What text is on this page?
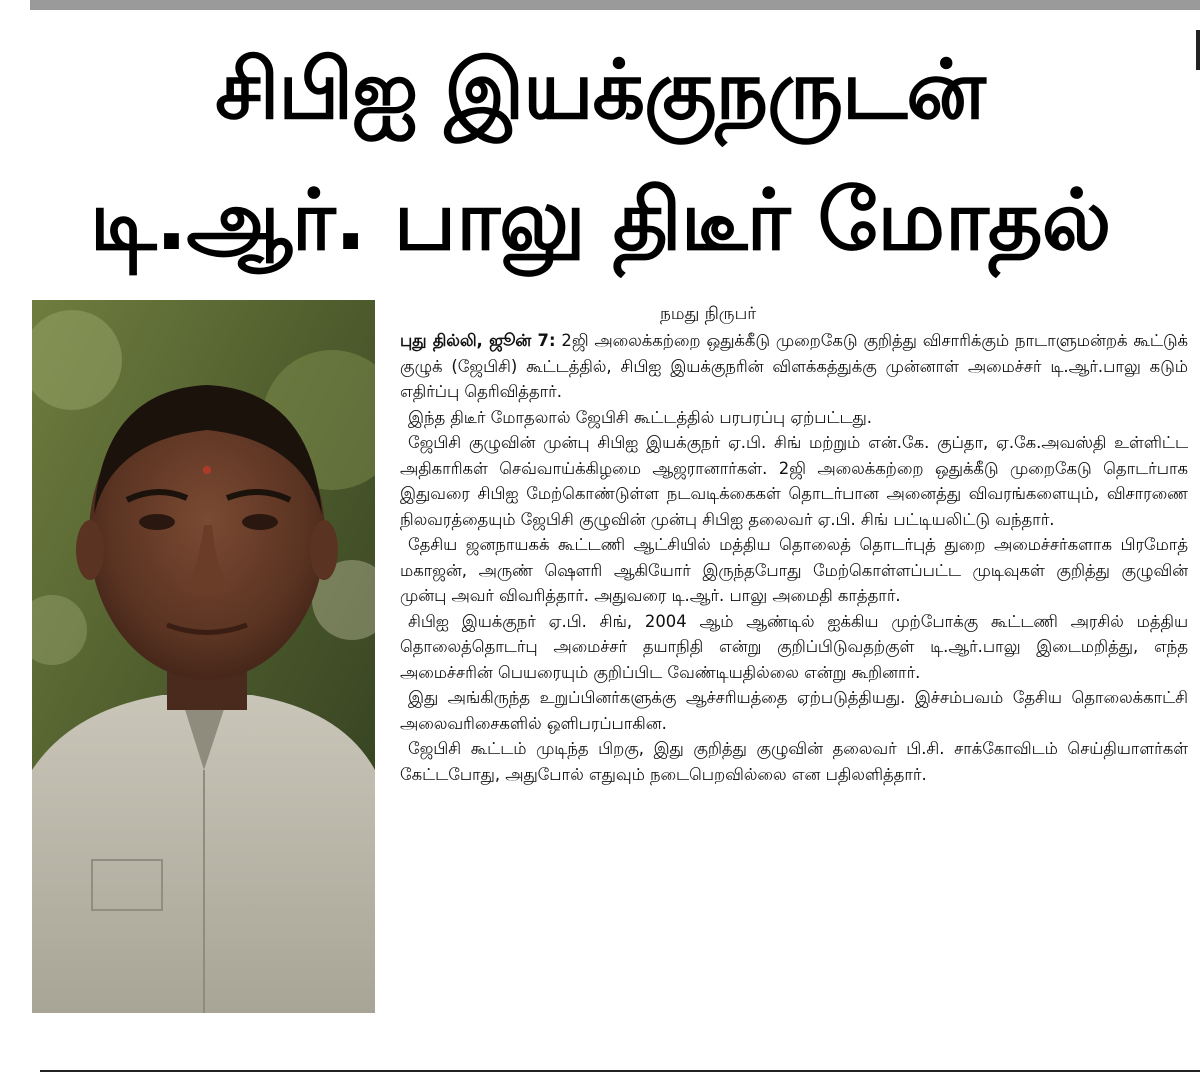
சிபிஐ இயக்குநருடன்
டி.ஆர். பாலு திடீர் மோதல்
நமது நிருபர்

புது தில்லி, ஜூன் 7: 2ஜி அலைக்கற்றை ஒதுக்கீடு முறைகேடு குறித்து விசாரிக்கும் நாடாளுமன்றக் கூட்டுக் குழுக் (ஜேபிசி) கூட்டத்தில், சிபிஐ இயக்குநரின் விளக்கத்துக்கு முன்னாள் அமைச்சர் டி.ஆர்.பாலு கடும் எதிர்ப்பு தெரிவித்தார்.

இந்த திடீர் மோதலால் ஜேபிசி கூட்டத்தில் பரபரப்பு ஏற்பட்டது.

ஜேபிசி குழுவின் முன்பு சிபிஐ இயக்குநர் ஏ.பி. சிங் மற்றும் என்.கே. குப்தா, ஏ.கே.அவஸ்தி உள்ளிட்ட அதிகாரிகள் செவ்வாய்க்கிழமை ஆஜரானார்கள். 2ஜி அலைக்கற்றை ஒதுக்கீடு முறைகேடு தொடர்பாக இதுவரை சிபிஐ மேற்கொண்டுள்ள நடவடிக்கைகள் தொடர்பான அனைத்து விவரங்களையும், விசாரணை நிலவரத்தையும் ஜேபிசி குழுவின் முன்பு சிபிஐ தலைவர் ஏ.பி. சிங் பட்டியலிட்டு வந்தார்.

தேசிய ஜனநாயகக் கூட்டணி ஆட்சியில் மத்திய தொலைத் தொடர்புத் துறை அமைச்சர்களாக பிரமோத் மகாஜன், அருண் ஷௌரி ஆகியோர் இருந்தபோது மேற்கொள்ளப்பட்ட முடிவுகள் குறித்து குழுவின் முன்பு அவர் விவரித்தார். அதுவரை டி.ஆர். பாலு அமைதி காத்தார்.

சிபிஐ இயக்குநர் ஏ.பி. சிங், 2004 ஆம் ஆண்டில் ஐக்கிய முற்போக்கு கூட்டணி அரசில் மத்திய தொலைத்தொடர்பு அமைச்சர் தயாநிதி என்று குறிப்பிடுவதற்குள் டி.ஆர்.பாலு இடைமறித்து, எந்த அமைச்சரின் பெயரையும் குறிப்பிட வேண்டியதில்லை என்று கூறினார்.

இது அங்கிருந்த உறுப்பினர்களுக்கு ஆச்சரியத்தை ஏற்படுத்தியது. இச்சம்பவம் தேசிய தொலைக்காட்சி அலைவரிசைகளில் ஒளிபரப்பாகின.

ஜேபிசி கூட்டம் முடிந்த பிறகு, இது குறித்து குழுவின் தலைவர் பி.சி. சாக்கோவிடம் செய்தியாளர்கள் கேட்டபோது, அதுபோல் எதுவும் நடைபெறவில்லை என பதிலளித்தார்.
